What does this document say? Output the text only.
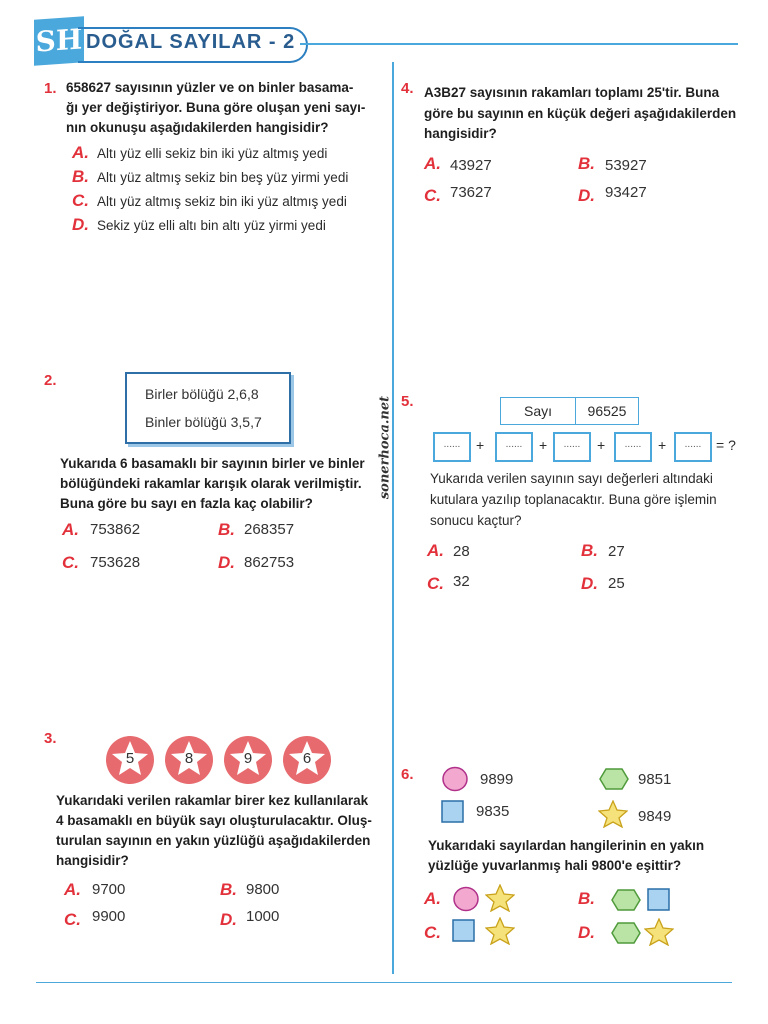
SH DOĞAL SAYILAR - 2
sonerhoca.net
1. 658627 sayısının yüzler ve on binler basama-
ğı yer değiştiriyor. Buna göre oluşan yeni sayı-
nın okunuşu aşağıdakilerden hangisidir?
A. Altı yüz elli sekiz bin iki yüz altmış yedi
B. Altı yüz altmış sekiz bin beş yüz yirmi yedi
C. Altı yüz altmış sekiz bin iki yüz altmış yedi
D. Sekiz yüz elli altı bin altı yüz yirmi yedi
2.
Birler bölüğü 2,6,8
Binler bölüğü 3,5,7
Yukarıda 6 basamaklı bir sayının birler ve binler
bölüğündeki rakamlar karışık olarak verilmiştir.
Buna göre bu sayı en fazla kaç olabilir?
A. 753862	B. 268357
C. 753628	D. 862753
3.
5	8	9	6
Yukarıdaki verilen rakamlar birer kez kullanılarak
4 basamaklı en büyük sayı oluşturulacaktır. Oluş-
turulan sayının en yakın yüzlüğü aşağıdakilerden
hangisidir?
A. 9700	B. 9800
C. 9900	D. 1000
4. A3B27 sayısının rakamları toplamı 25'tir. Buna
göre bu sayının en küçük değeri aşağıdakilerden
hangisidir?
A. 43927	B. 53927
C. 73627	D. 93427
5.
Sayı	96525
......	+	......	+	......	+	......	+	......	= ?
Yukarıda verilen sayının sayı değerleri altındaki
kutulara yazılıp toplanacaktır. Buna göre işlemin
sonucu kaçtur?
A. 28	B. 27
C. 32	D. 25
6.	9899	9851
9835	9849
Yukarıdaki sayılardan hangilerinin en yakın
yüzlüğe yuvarlanmış hali 9800'e eşittir?
A.	B.
C.	D.
